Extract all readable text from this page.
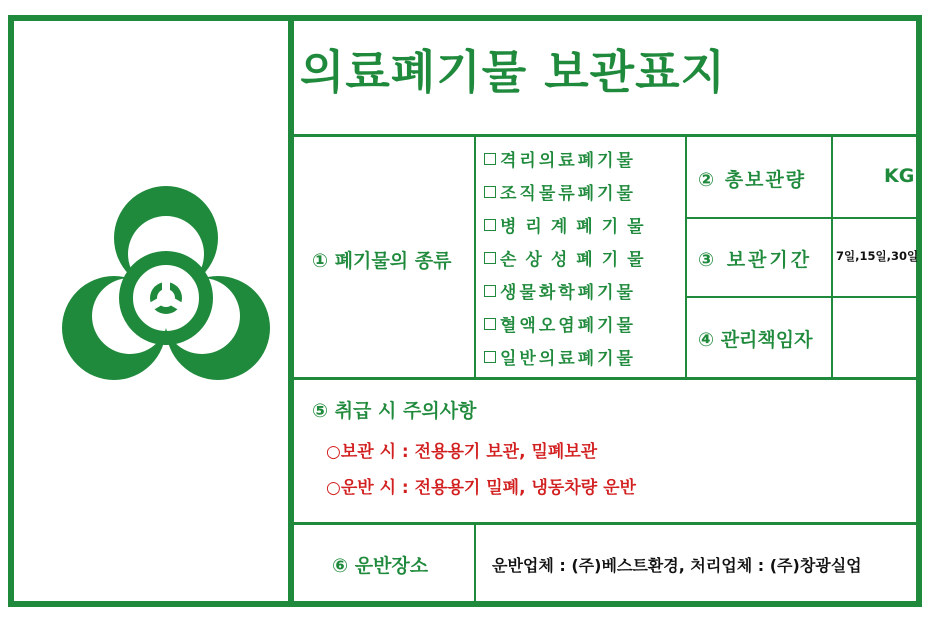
의료폐기물 보관표지
① 폐기물의 종류
격리의료폐기물
조직물류폐기물
병리계폐기물
손상성폐기물
생물화학폐기물
혈액오염폐기물
일반의료폐기물
② 총보관량	KG
③ 보관기간 7일,15일,30일
④ 관리책임자
⑤ 취급 시 주의사항
○보관 시 : 전용용기 보관, 밀폐보관
○운반 시 : 전용용기 밀폐, 냉동차량 운반
⑥ 운반장소	운반업체 : (주)베스트환경, 처리업체 : (주)창광실업
